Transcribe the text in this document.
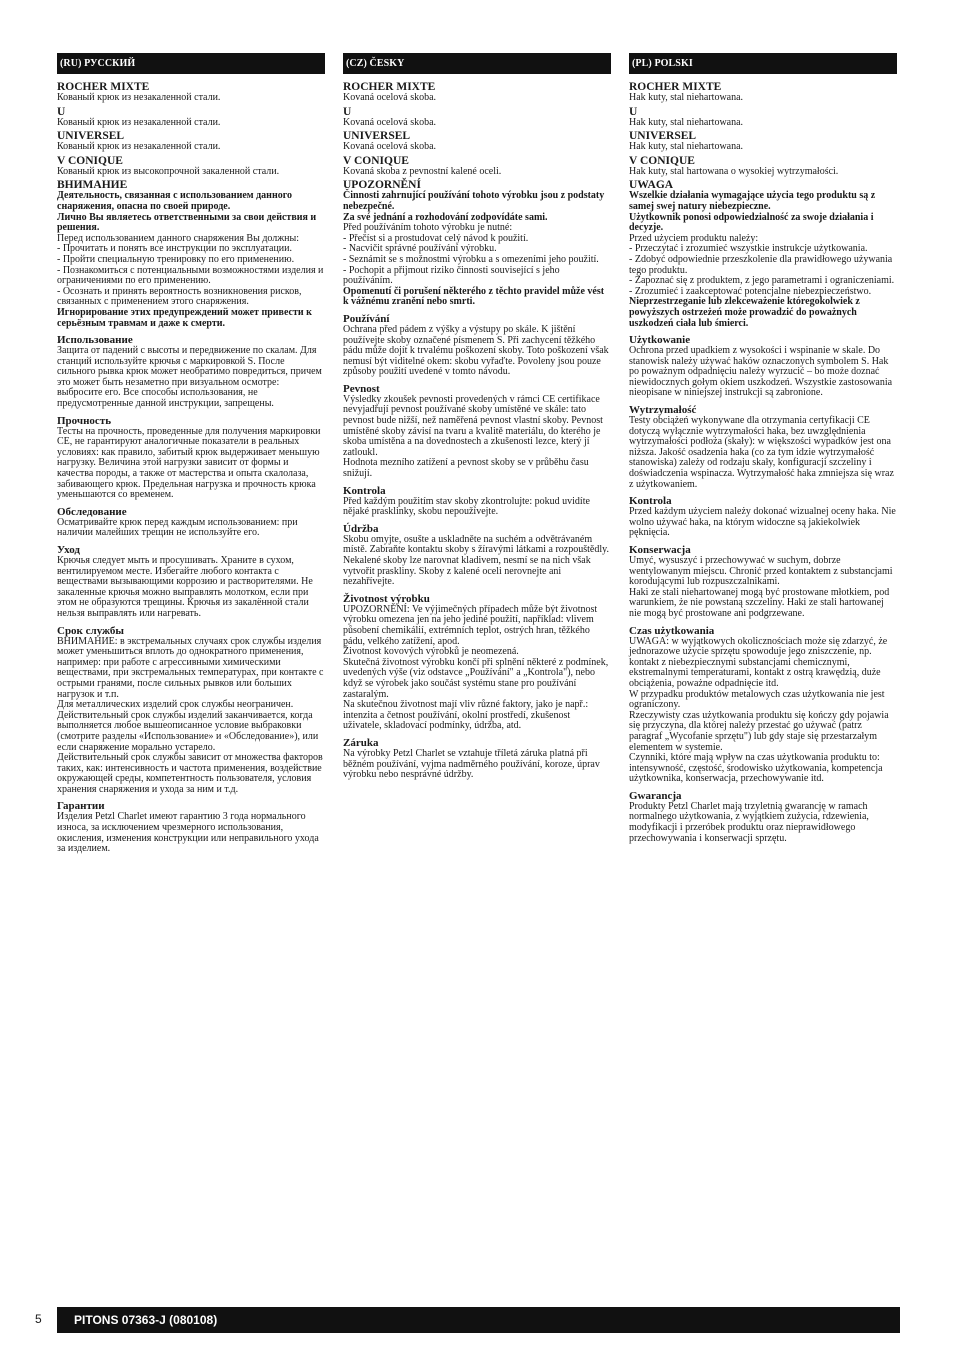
(RU) РУССКИЙ
ROCHER MIXTE
Кованый крюк из незакаленной стали.
U
Кованый крюк из незакаленной стали.
UNIVERSEL
Кованый крюк из незакаленной стали.
V CONIQUE
Кованый крюк из высокопрочной закаленной стали.
ВНИМАНИЕ
Деятельность, связанная с использованием данного снаряжения, опасна по своей природе.
Лично Вы являетесь ответственными за свои действия и решения.
Перед использованием данного снаряжения Вы должны:
- Прочитать и понять все инструкции по эксплуатации.
- Пройти специальную тренировку по его применению.
- Познакомиться с потенциальными возможностями изделия и ограничениями по его применению.
- Осознать и принять вероятность возникновения рисков, связанных с применением этого снаряжения.
Игнорирование этих предупреждений может привести к серьёзным травмам и даже к смерти.
Использование
Защита от падений с высоты и передвижение по скалам. Для станций используйте крючья с маркировкой S. После сильного рывка крюк может необратимо повредиться, причем это может быть незаметно при визуальном осмотре: выбросите его. Все способы использования, не предусмотренные данной инструкции, запрещены.
Прочность
Тесты на прочность, проведенные для получения маркировки CE, не гарантируют аналогичные показатели в реальных условиях: как правило, забитый крюк выдерживает меньшую нагрузку. Величина этой нагрузки зависит от формы и качества породы, а также от мастерства и опыта скалолаза, забивающего крюк. Предельная нагрузка и прочность крюка уменьшаются со временем.
Обследование
Осматривайте крюк перед каждым использованием: при наличии малейших трещин не используйте его.
Уход
Крючья следует мыть и просушивать. Храните в сухом, вентилируемом месте. Избегайте любого контакта с веществами вызывающими коррозию и растворителями. Не закаленные крючья можно выправлять молотком, если при этом не образуются трещины. Крючья из закалённой стали нельзя выправлять или нагревать.
Срок службы
ВНИМАНИЕ: в экстремальных случаях срок службы изделия может уменьшиться вплоть до однократного применения, например: при работе с агрессивными химическими веществами, при экстремальных температурах, при контакте с острыми гранями, после сильных рывков или больших нагрузок и т.п.
Для металлических изделий срок службы неограничен. Действительный срок службы изделий заканчивается, когда выполняется любое вышеописанное условие выбраковки (смотрите разделы «Использование» и «Обследование»), или если снаряжение морально устарело.
Действительный срок службы зависит от множества факторов таких, как: интенсивность и частота применения, воздействие окружающей среды, компетентность пользователя, условия хранения снаряжения и ухода за ним и т.д.
Гарантии
Изделия Petzl Charlet имеют гарантию 3 года нормального износа, за исключением чрезмерного использования, окисления, изменения конструкции или неправильного ухода за изделием.
(CZ) ČESKY
ROCHER MIXTE
Kovaná ocelová skoba.
U
Kovaná ocelová skoba.
UNIVERSEL
Kovaná ocelová skoba.
V CONIQUE
Kovaná skoba z pevnostní kalené oceli.
UPOZORNĚNÍ
Činnosti zahrnující používání tohoto výrobku jsou z podstaty nebezpečné.
Za své jednání a rozhodování zodpovídáte sami.
Před používáním tohoto výrobku je nutné:
- Přečíst si a prostudovat celý návod k použití.
- Nacvičit správné používání výrobku.
- Seznámit se s možnostmi výrobku a s omezeními jeho použití.
- Pochopit a přijmout riziko činnosti související s jeho používáním.
Opomenutí či porušení některého z těchto pravidel může vést k vážnému zranění nebo smrti.
Používání
Ochrana před pádem z výšky a výstupy po skále. K jištění používejte skoby označené písmenem S. Při zachycení těžkého pádu může dojít k trvalému poškození skoby. Toto poškození však nemusí být viditelné okem: skobu vyřaďte. Povoleny jsou pouze způsoby použití uvedené v tomto návodu.
Pevnost
Výsledky zkoušek pevnosti provedených v rámci CE certifikace nevyjadřují pevnost používané skoby umístěné ve skále: tato pevnost bude nižší, než naměřená pevnost vlastní skoby. Pevnost umístěné skoby závisí na tvaru a kvalitě materiálu, do kterého je skoba umístěna a na dovednostech a zkušenosti lezce, který jí zatloukl.
Hodnota mezního zatížení a pevnost skoby se v průběhu času snižují.
Kontrola
Před každým použitím stav skoby zkontrolujte: pokud uvidíte nějaké prasklinky, skobu nepoužívejte.
Údržba
Skobu omyjte, osušte a uskladněte na suchém a odvětrávaném místě. Zabraňte kontaktu skoby s žíravými látkami a rozpouštědly.
Nekalené skoby lze narovnat kladivem, nesmí se na nich však vytvořit praskliny. Skoby z kalené oceli nerovnejte ani nezahřívejte.
Životnost výrobku
UPOZORNĚNÍ: Ve výjimečných případech může být životnost výrobku omezena jen na jeho jediné použití, například: vlivem působení chemikálií, extrémních teplot, ostrých hran, těžkého pádu, velkého zatížení, apod.
Životnost kovových výrobků je neomezená.
Skutečná životnost výrobku končí při splnění některé z podmínek, uvedených výše (viz odstavce „Používání" a „Kontrola"), nebo když se výrobek jako součást systému stane pro používání zastaralým.
Na skutečnou životnost mají vliv různé faktory, jako je např.: intenzita a četnost používání, okolní prostředí, zkušenost uživatele, skladovací podmínky, údržba, atd.
Záruka
Na výrobky Petzl Charlet se vztahuje tříletá záruka platná při běžném používání, vyjma nadměrného používání, koroze, úprav výrobku nebo nesprávné údržby.
(PL) POLSKI
ROCHER MIXTE
Hak kuty, stal niehartowana.
U
Hak kuty, stal niehartowana.
UNIVERSEL
Hak kuty, stal niehartowana.
V CONIQUE
Hak kuty, stal hartowana o wysokiej wytrzymałości.
UWAGA
Wszelkie działania wymagające użycia tego produktu są z samej swej natury niebezpieczne.
Użytkownik ponosi odpowiedzialność za swoje działania i decyzje.
Przed użyciem produktu należy:
- Przeczytać i zrozumieć wszystkie instrukcje użytkowania.
- Zdobyć odpowiednie przeszkolenie dla prawidłowego używania tego produktu.
- Zapoznać się z produktem, z jego parametrami i ograniczeniami.
- Zrozumieć i zaakceptować potencjalne niebezpieczeństwo.
Nieprzestrzeganie lub zlekceważenie któregokolwiek z powyższych ostrzeżeń może prowadzić do poważnych uszkodzeń ciała lub śmierci.
Użytkowanie
Ochrona przed upadkiem z wysokości i wspinanie w skale. Do stanowisk należy używać haków oznaczonych symbolem S. Hak po poważnym odpadnięciu należy wyrzucić – bo może doznać niewidocznych gołym okiem uszkodzeń. Wszystkie zastosowania nieopisane w niniejszej instrukcji są zabronione.
Wytrzymałość
Testy obciążeń wykonywane dla otrzymania certyfikacji CE dotyczą wyłącznie wytrzymałości haka, bez uwzględnienia wytrzymałości podłoża (skały): w większości wypadków jest ona niższa. Jakość osadzenia haka (co za tym idzie wytrzymałość stanowiska) zależy od rodzaju skały, konfiguracji szczeliny i doświadczenia wspinacza. Wytrzymałość haka zmniejsza się wraz z użytkowaniem.
Kontrola
Przed każdym użyciem należy dokonać wizualnej oceny haka. Nie wolno używać haka, na którym widoczne są jakiekolwiek pęknięcia.
Konserwacja
Umyć, wysuszyć i przechowywać w suchym, dobrze wentylowanym miejscu. Chronić przed kontaktem z substancjami korodującymi lub rozpuszczalnikami.
Haki ze stali niehartowanej mogą być prostowane młotkiem, pod warunkiem, że nie powstaną szczeliny. Haki ze stali hartowanej nie mogą być prostowane ani podgrzewane.
Czas użytkowania
UWAGA: w wyjątkowych okolicznościach może się zdarzyć, że jednorazowe użycie sprzętu spowoduje jego zniszczenie, np. kontakt z niebezpiecznymi substancjami chemicznymi, ekstremalnymi temperaturami, kontakt z ostrą krawędzią, duże obciążenia, poważne odpadnięcie itd.
W przypadku produktów metalowych czas użytkowania nie jest ograniczony.
Rzeczywisty czas użytkowania produktu się kończy gdy pojawia się przyczyna, dla której należy przestać go używać (patrz paragraf „Wycofanie sprzętu") lub gdy staje się przestarzałym elementem w systemie.
Czynniki, które mają wpływ na czas użytkowania produktu to: intensywność, częstość, środowisko użytkowania, kompetencja użytkownika, konserwacja, przechowywanie itd.
Gwarancja
Produkty Petzl Charlet mają trzyletnią gwarancję w ramach normalnego użytkowania, z wyjątkiem zużycia, rdzewienia, modyfikacji i przeróbek produktu oraz nieprawidłowego przechowywania i konserwacji sprzętu.
5	PITONS 07363-J (080108)
